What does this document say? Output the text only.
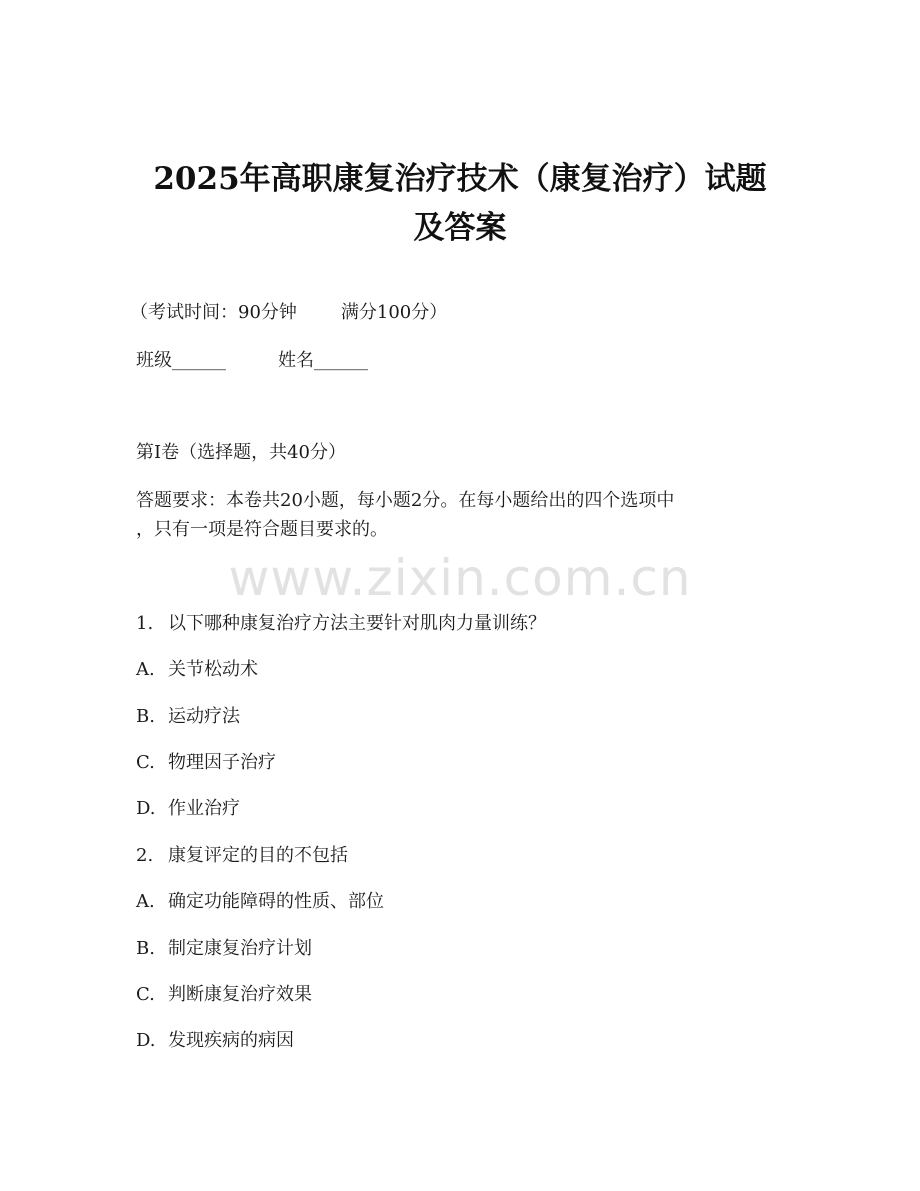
2025年高职康复治疗技术（康复治疗）试题
及答案

（考试时间：90分钟 满分100分）

班级______	姓名______

第I卷（选择题，共40分）

答题要求：本卷共20小题，每小题2分。在每小题给出的四个选项中

，只有一项是符合题目要求的。

www.zixin.com.cn

1. 以下哪种康复治疗方法主要针对肌肉力量训练？

A. 关节松动术

B. 运动疗法

C. 物理因子治疗

D. 作业治疗

2. 康复评定的目的不包括

A. 确定功能障碍的性质、部位

B. 制定康复治疗计划

C. 判断康复治疗效果

D. 发现疾病的病因
